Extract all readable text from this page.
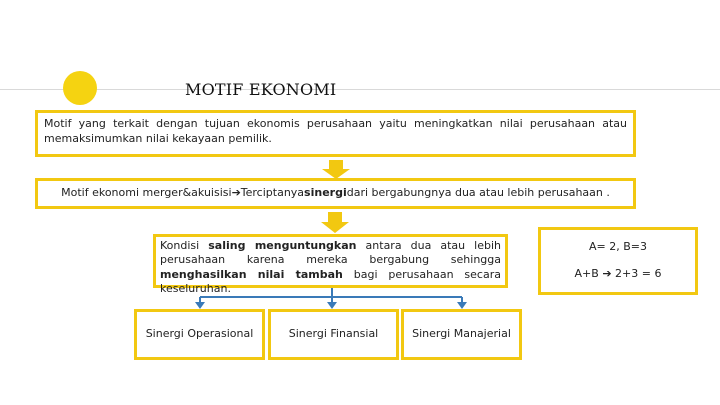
MOTIF EKONOMI
Motif yang terkait dengan tujuan ekonomis perusahaan yaitu meningkatkan nilai perusahaan atau memaksimumkan nilai kekayaan pemilik.
Motif ekonomi merger&akuisisi ➔ Terciptanya sinergi dari bergabungnya dua atau lebih perusahaan .
Kondisi saling menguntungkan antara dua atau lebih perusahaan karena mereka bergabung sehingga menghasilkan nilai tambah bagi perusahaan secara keseluruhan.
A= 2, B=3
A+B ➔ 2+3 = 6
Sinergi Operasional	Sinergi Finansial	Sinergi Manajerial
